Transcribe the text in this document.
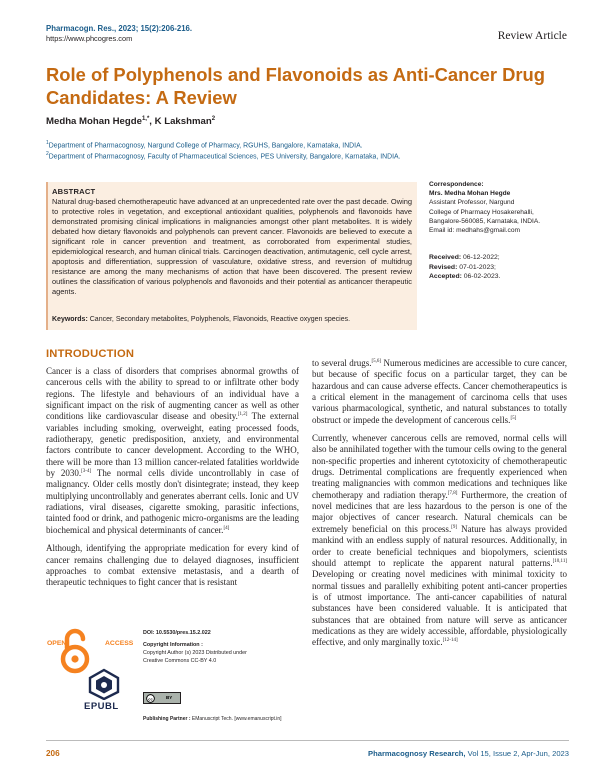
Pharmacogn. Res., 2023; 15(2):206-216.
https://www.phcogres.com	Review Article
Role of Polyphenols and Flavonoids as Anti-Cancer Drug
Candidates: A Review
Medha Mohan Hegde$^{1,*}$, K Lakshman$^2$
$^1$Department of Pharmacognosy, Nargund College of Pharmacy, RGUHS, Bangalore, Karnataka, INDIA.
$^2$Department of Pharmacognosy, Faculty of Pharmaceutical Sciences, PES University, Bangalore, Karnataka, INDIA.
ABSTRACT
Natural drug-based chemotherapeutic have advanced at an unprecedented rate over the past decade. Owing to protective roles in vegetation, and exceptional antioxidant qualities, polyphenols and flavonoids have demonstrated promising clinical implications in malignancies amongst other plant metabolites. It is widely debated how dietary flavonoids and polyphenols can prevent cancer. Flavonoids are believed to execute a significant role in cancer prevention and treatment, as corroborated from experimental studies, epidemiological research, and human clinical trials. Carcinogen deactivation, antimutagenic, cell cycle arrest, apoptosis and differentiation, suppression of vasculature, oxidative stress, and reversion of multidrug resistance are among the many mechanisms of action that have been discovered. The present review outlines the classification of various polyphenols and flavonoids and their potential as anticancer therapeutic agents.
Keywords: Cancer, Secondary metabolites, Polyphenols, Flavonoids, Reactive oxygen species.
Correspondence:
Mrs. Medha Mohan Hegde
Assistant Professor, Nargund
College of Pharmacy Hosakerehalli,
Bangalore-560085, Karnataka, INDIA.
Email id: medhahs@gmail.com
Received: 06-12-2022;
Revised: 07-01-2023;
Accepted: 06-02-2023.
INTRODUCTION

Cancer is a class of disorders that comprises abnormal growths of cancerous cells with the ability to spread to or infiltrate other body regions. The lifestyle and behaviours of an individual have a significant impact on the risk of augmenting cancer as well as other conditions like cardiovascular disease and obesity.[1,2] The external variables including smoking, overweight, eating processed foods, radiotherapy, genetic predisposition, anxiety, and environmental factors contribute to cancer development. According to the WHO, there will be more than 13 million cancer-related fatalities worldwide by 2030.[3-4] The normal cells divide uncontrollably in case of malignancy. Older cells mostly don't disintegrate; instead, they keep multiplying uncontrollably and generates aberrant cells. Ionic and UV radiations, viral diseases, cigarette smoking, parasitic infections, tainted food or drink, and pathogenic micro-organisms are the leading biochemical and physical determinants of cancer.[4]

Although, identifying the appropriate medication for every kind of cancer remains challenging due to delayed diagnoses, insufficient approaches to combat extensive metastasis, and a dearth of therapeutic techniques to fight cancer that is resistant

to several drugs.[5,6] Numerous medicines are accessible to cure cancer, but because of specific focus on a particular target, they can be hazardous and can cause adverse effects. Cancer chemotherapeutics is a critical element in the management of carcinoma cells that uses various pharmacological, synthetic, and natural substances to totally obstruct or impede the development of cancerous cells.[5]

Currently, whenever cancerous cells are removed, normal cells will also be annihilated together with the tumour cells owing to the general non-specific properties and inherent cytotoxicity of chemotherapeutic drugs. Detrimental complications are frequently experienced when treating malignancies with common medications and techniques like chemotherapy and radiation therapy.[7,8] Furthermore, the creation of novel medicines that are less hazardous to the person is one of the major objectives of cancer research. Natural chemicals can be extremely beneficial on this process.[9] Nature has always provided mankind with an endless supply of natural resources. Additionally, in order to create beneficial techniques and biopolymers, scientists should attempt to replicate the apparent natural patterns.[10,11] Developing or creating novel medicines with minimal toxicity to normal tissues and parallelly exhibiting potent anti-cancer properties is of utmost importance. The anti-cancer capabilities of natural substances have been considered valuable. It is anticipated that substances that are obtained from nature will serve as anticancer medications as they are widely accessible, affordable, physiologically effective, and only marginally toxic.[12-14]

OPEN	ACCESS
EPUBL
DOI: 10.5530/pres.15.2.022
Copyright Information :
Copyright Author (s) 2023 Distributed under
Creative Commons CC-BY 4.0
cc	BY
Publishing Partner : EManuscript Tech. [www.emanuscript.in]
206	Pharmacognosy Research, Vol 15, Issue 2, Apr-Jun, 2023
